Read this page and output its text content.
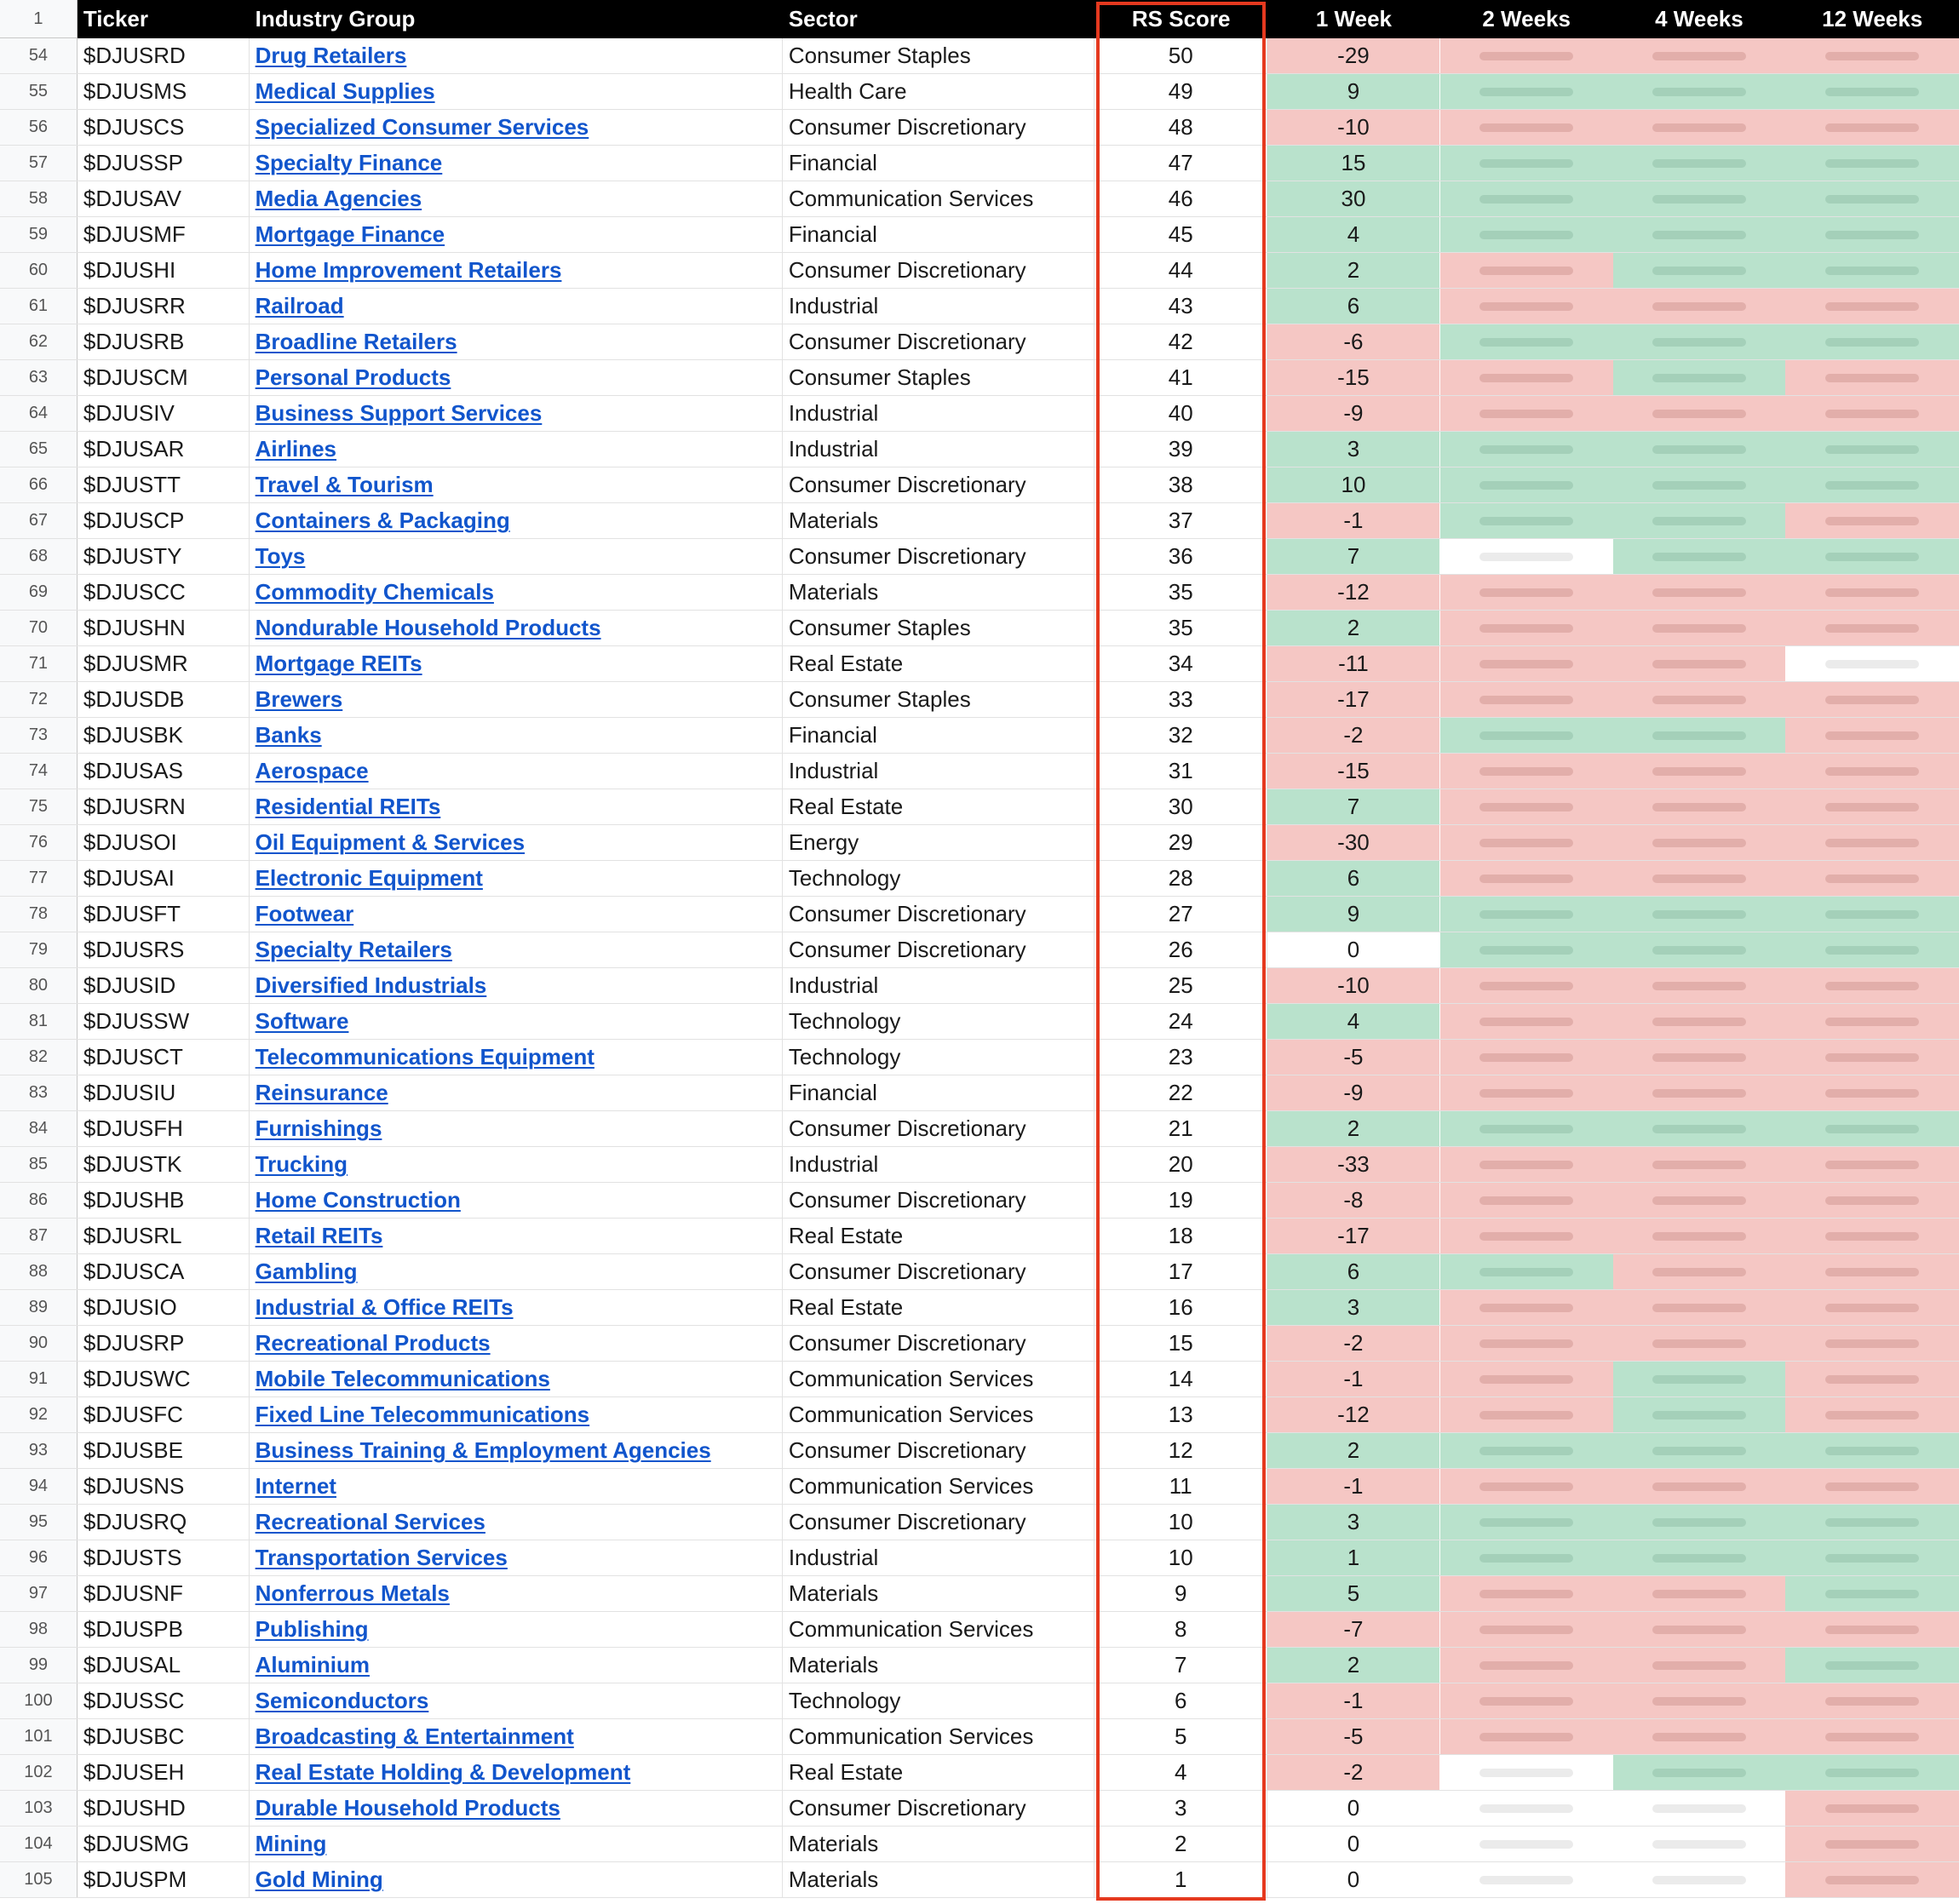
1	Ticker	Industry Group	Sector	RS Score	1 Week	2 Weeks	4 Weeks	12 Weeks
54	$DJUSRD	Drug Retailers	Consumer Staples	50	-29
55	$DJUSMS	Medical Supplies	Health Care	49	9
56	$DJUSCS	Specialized Consumer Services	Consumer Discretionary	48	-10
57	$DJUSSP	Specialty Finance	Financial	47	15
58	$DJUSAV	Media Agencies	Communication Services	46	30
59	$DJUSMF	Mortgage Finance	Financial	45	4
60	$DJUSHI	Home Improvement Retailers	Consumer Discretionary	44	2
61	$DJUSRR	Railroad	Industrial	43	6
62	$DJUSRB	Broadline Retailers	Consumer Discretionary	42	-6
63	$DJUSCM	Personal Products	Consumer Staples	41	-15
64	$DJUSIV	Business Support Services	Industrial	40	-9
65	$DJUSAR	Airlines	Industrial	39	3
66	$DJUSTT	Travel & Tourism	Consumer Discretionary	38	10
67	$DJUSCP	Containers & Packaging	Materials	37	-1
68	$DJUSTY	Toys	Consumer Discretionary	36	7
69	$DJUSCC	Commodity Chemicals	Materials	35	-12
70	$DJUSHN	Nondurable Household Products	Consumer Staples	35	2
71	$DJUSMR	Mortgage REITs	Real Estate	34	-11
72	$DJUSDB	Brewers	Consumer Staples	33	-17
73	$DJUSBK	Banks	Financial	32	-2
74	$DJUSAS	Aerospace	Industrial	31	-15
75	$DJUSRN	Residential REITs	Real Estate	30	7
76	$DJUSOI	Oil Equipment & Services	Energy	29	-30
77	$DJUSAI	Electronic Equipment	Technology	28	6
78	$DJUSFT	Footwear	Consumer Discretionary	27	9
79	$DJUSRS	Specialty Retailers	Consumer Discretionary	26	0
80	$DJUSID	Diversified Industrials	Industrial	25	-10
81	$DJUSSW	Software	Technology	24	4
82	$DJUSCT	Telecommunications Equipment	Technology	23	-5
83	$DJUSIU	Reinsurance	Financial	22	-9
84	$DJUSFH	Furnishings	Consumer Discretionary	21	2
85	$DJUSTK	Trucking	Industrial	20	-33
86	$DJUSHB	Home Construction	Consumer Discretionary	19	-8
87	$DJUSRL	Retail REITs	Real Estate	18	-17
88	$DJUSCA	Gambling	Consumer Discretionary	17	6
89	$DJUSIO	Industrial & Office REITs	Real Estate	16	3
90	$DJUSRP	Recreational Products	Consumer Discretionary	15	-2
91	$DJUSWC	Mobile Telecommunications	Communication Services	14	-1
92	$DJUSFC	Fixed Line Telecommunications	Communication Services	13	-12
93	$DJUSBE	Business Training & Employment Agencies	Consumer Discretionary	12	2
94	$DJUSNS	Internet	Communication Services	11	-1
95	$DJUSRQ	Recreational Services	Consumer Discretionary	10	3
96	$DJUSTS	Transportation Services	Industrial	10	1
97	$DJUSNF	Nonferrous Metals	Materials	9	5
98	$DJUSPB	Publishing	Communication Services	8	-7
99	$DJUSAL	Aluminium	Materials	7	2
100	$DJUSSC	Semiconductors	Technology	6	-1
101	$DJUSBC	Broadcasting & Entertainment	Communication Services	5	-5
102	$DJUSEH	Real Estate Holding & Development	Real Estate	4	-2
103	$DJUSHD	Durable Household Products	Consumer Discretionary	3	0
104	$DJUSMG	Mining	Materials	2	0
105	$DJUSPM	Gold Mining	Materials	1	0
